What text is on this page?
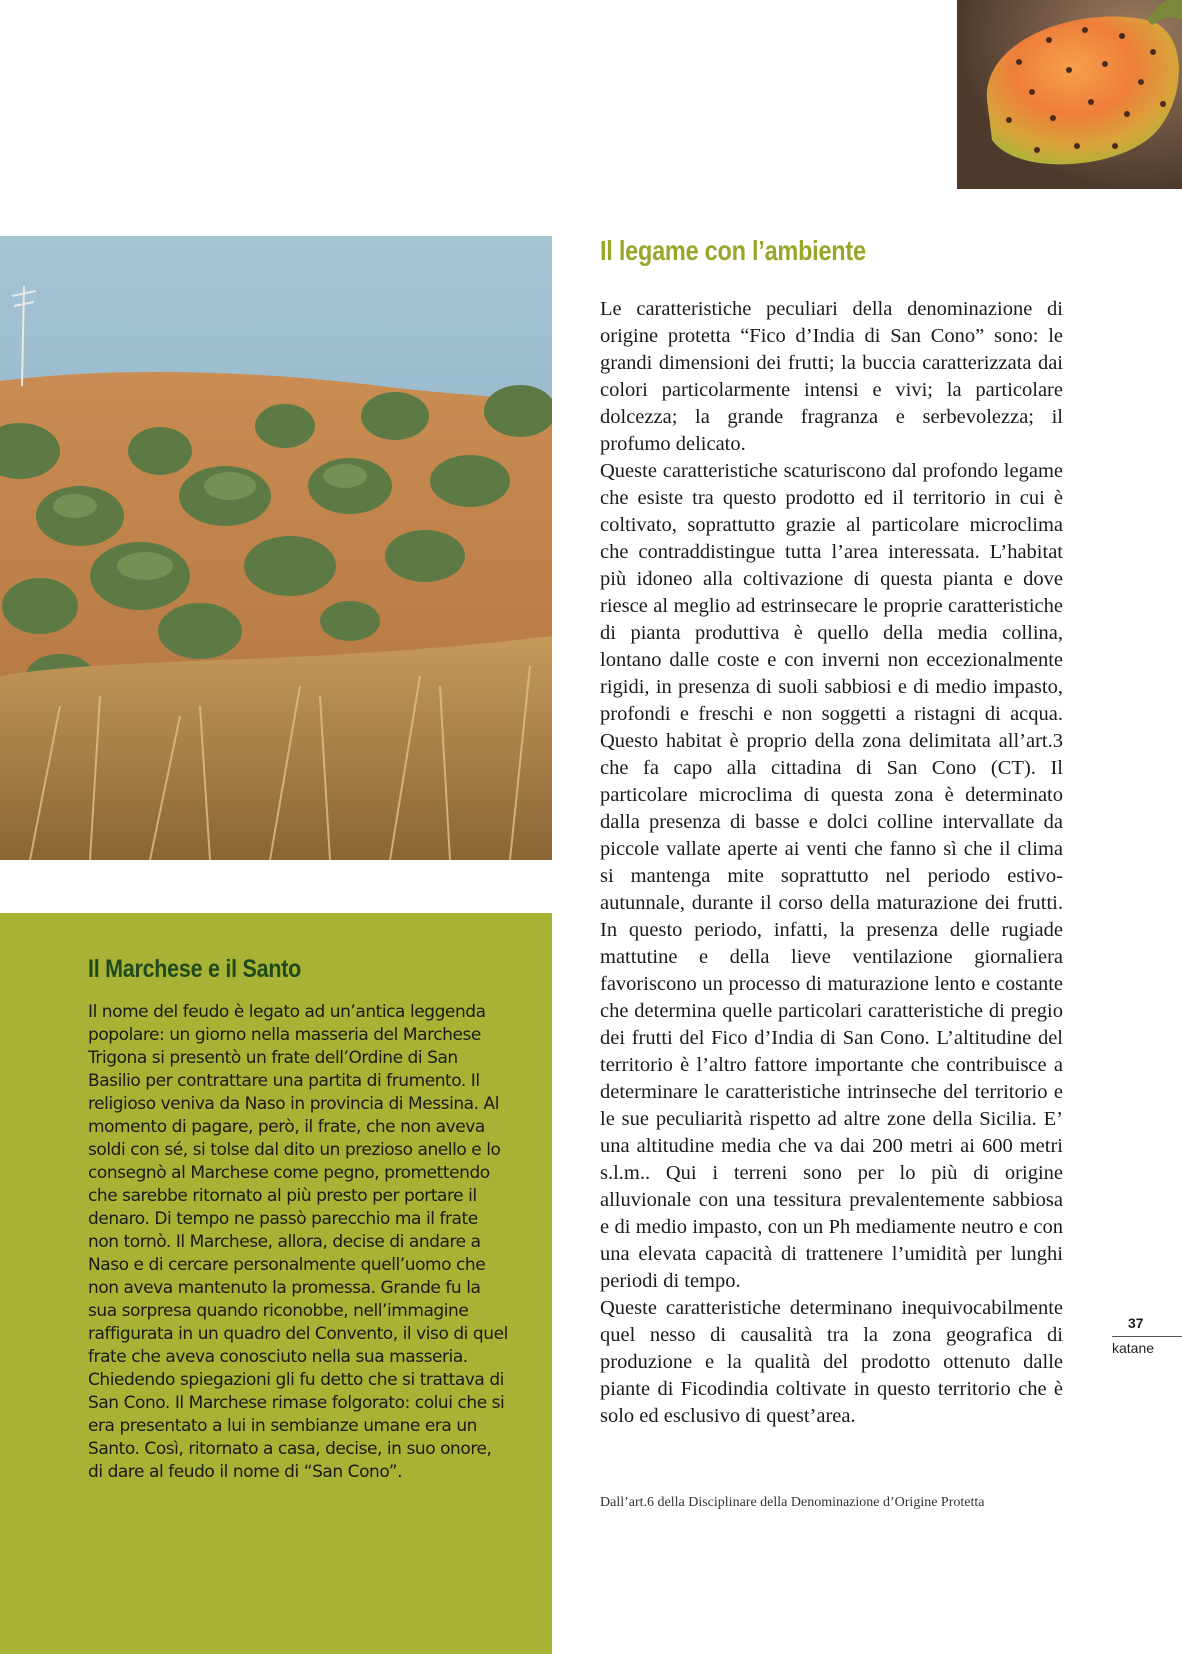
Il Marchese e il Santo

Il nome del feudo è legato ad un’antica leggenda popolare: un giorno nella masseria del Marchese Trigona si presentò un frate dell’Ordine di San Basilio per contrattare una partita di frumento. Il religioso veniva da Naso in provincia di Messina. Al momento di pagare, però, il frate, che non aveva soldi con sé, si tolse dal dito un prezioso anello e lo consegnò al Marchese come pegno, promettendo che sarebbe ritornato al più presto per portare il denaro. Di tempo ne passò parecchio ma il frate non tornò. Il Marchese, allora, decise di andare a Naso e di cercare personalmente quell’uomo che non aveva mantenuto la promessa. Grande fu la sua sorpresa quando riconobbe, nell’immagine raffigurata in un quadro del Convento, il viso di quel frate che aveva conosciuto nella sua masseria. Chiedendo spiegazioni gli fu detto che si trattava di San Cono. Il Marchese rimase folgorato: colui che si era presentato a lui in sembianze umane era un Santo. Così, ritornato a casa, decise, in suo onore, di dare al feudo il nome di “San Cono”.

Il legame con l’ambiente

Le caratteristiche peculiari della denominazione di origine protetta “Fico d’India di San Cono” sono: le grandi dimensioni dei frutti; la buccia caratterizzata dai colori particolarmente intensi e vivi; la particolare dolcezza; la grande fragranza e serbevolezza; il profumo delicato.

Queste caratteristiche scaturiscono dal profondo legame che esiste tra questo prodotto ed il territorio in cui è coltivato, soprattutto grazie al particolare microclima che contraddistingue tutta l’area interessata. L’habitat più idoneo alla coltivazione di questa pianta e dove riesce al meglio ad estrinsecare le proprie caratteristiche di pianta produttiva è quello della media collina, lontano dalle coste e con inverni non eccezionalmente rigidi, in presenza di suoli sabbiosi e di medio impasto, profondi e freschi e non soggetti a ristagni di acqua. Questo habitat è proprio della zona delimitata all’art.3 che fa capo alla cittadina di San Cono (CT). Il particolare microclima di questa zona è determinato dalla presenza di basse e dolci colline intervallate da piccole vallate aperte ai venti che fanno sì che il clima si mantenga mite soprattutto nel periodo estivo-autunnale, durante il corso della maturazione dei frutti. In questo periodo, infatti, la presenza delle rugiade mattutine e della lieve ventilazione giornaliera favoriscono un processo di maturazione lento e costante che determina quelle particolari caratteristiche di pregio dei frutti del Fico d’India di San Cono. L’altitudine del territorio è l’altro fattore importante che contribuisce a determinare le caratteristiche intrinseche del territorio e le sue peculiarità rispetto ad altre zone della Sicilia. E’ una altitudine media che va dai 200 metri ai 600 metri s.l.m.. Qui i terreni sono per lo più di origine alluvionale con una tessitura prevalentemente sabbiosa e di medio impasto, con un Ph mediamente neutro e con una elevata capacità di trattenere l’umidità per lunghi periodi di tempo.

Queste caratteristiche determinano inequivocabilmente quel nesso di causalità tra la zona geografica di produzione e la qualità del prodotto ottenuto dalle piante di Ficodindia coltivate in questo territorio che è solo ed esclusivo di quest’area.

Dall’art.6 della Disciplinare della Denominazione d’Origine Protetta

37
katane
